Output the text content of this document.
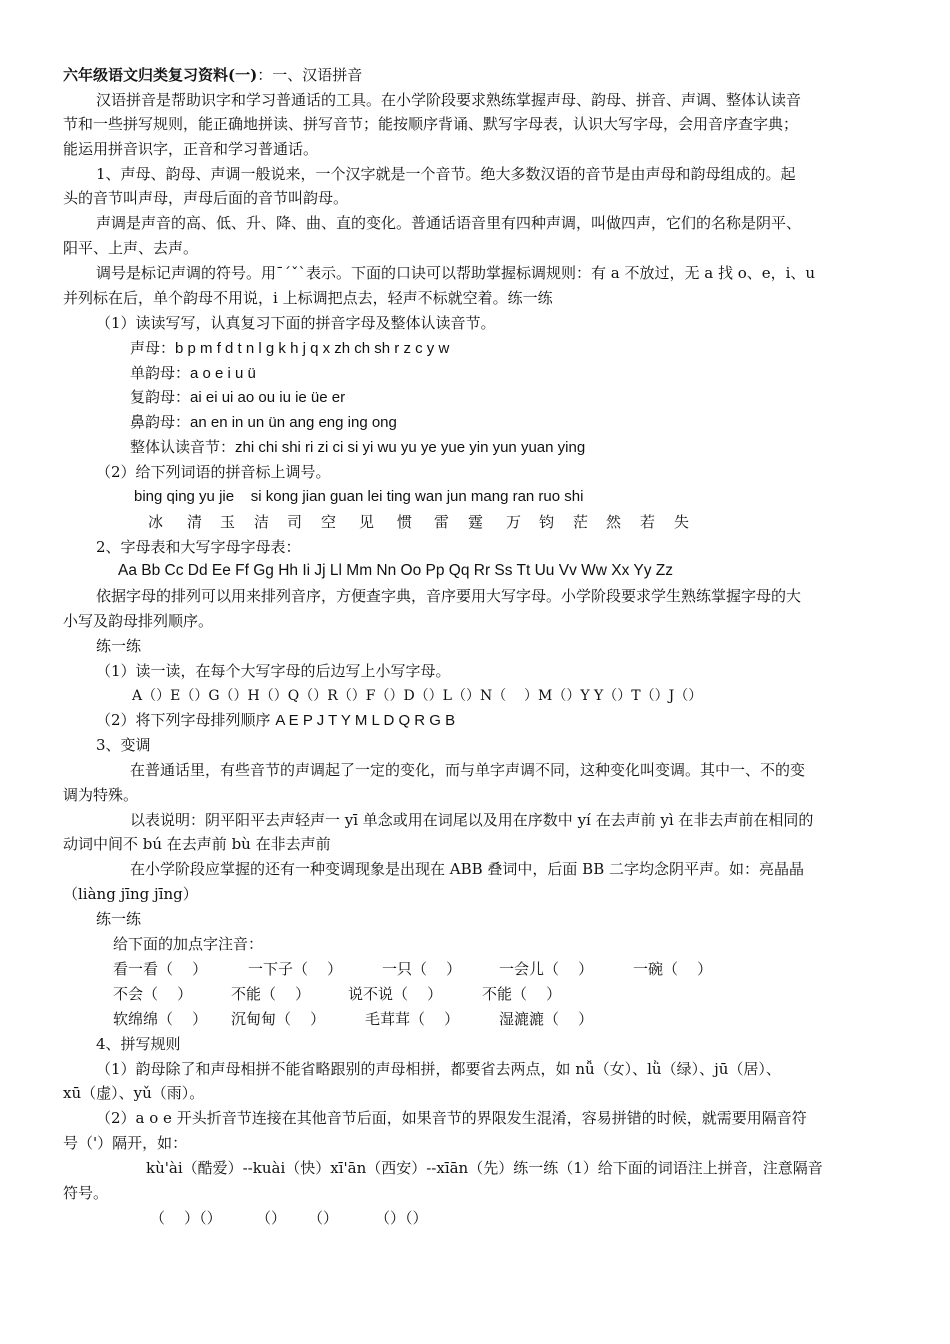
六年级语文归类复习资料(一)：一、汉语拼音
汉语拼音是帮助识字和学习普通话的工具。在小学阶段要求熟练掌握声母、韵母、拼音、声调、整体认读音
节和一些拼写规则，能正确地拼读、拼写音节；能按顺序背诵、默写字母表，认识大写字母，会用音序查字典；
能运用拼音识字，正音和学习普通话。
1、声母、韵母、声调一般说来，一个汉字就是一个音节。绝大多数汉语的音节是由声母和韵母组成的。起
头的音节叫声母，声母后面的音节叫韵母。
声调是声音的高、低、升、降、曲、直的变化。普通话语音里有四种声调，叫做四声，它们的名称是阴平、
阳平、上声、去声。
调号是标记声调的符号。用ˉˊˇˋ表示。下面的口诀可以帮助掌握标调规则：有 a 不放过，无 a 找 o、e，i、u
并列标在后，单个韵母不用说，i 上标调把点去，轻声不标就空着。练一练
（1）读读写写，认真复习下面的拼音字母及整体认读音节。
声母：b p m f d t n l g k h j q x zh ch sh r z c y w
单韵母：a o e i u ü
复韵母：ai ei ui ao ou iu ie üe er
鼻韵母：an en in un ün ang eng ing ong
整体认读音节：zhi chi shi ri zi ci si yi wu yu ye yue yin yun yuan ying
（2）给下列词语的拼音标上调号。
bing qing yu jie    si kong jian guan lei ting wan jun mang ran ruo shi
冰 清 玉 洁 司 空 见 惯 雷 霆 万 钧 茫 然 若 失
2、字母表和大写字母字母表：
Aa Bb Cc Dd Ee Ff Gg Hh Ii Jj Ll Mm Nn Oo Pp Qq Rr Ss Tt Uu Vv Ww Xx Yy Zz
依据字母的排列可以用来排列音序，方便查字典，音序要用大写字母。小学阶段要求学生熟练掌握字母的大
小写及韵母排列顺序。
练一练
（1）读一读，在每个大写字母的后边写上小写字母。
A（）E（）G（）H（）Q（）R（）F（）D（）L（）N（    ）M（）Y Y（）T（）J（）
（2）将下列字母排列顺序 A E P J T Y M L D Q R G B
3、变调
在普通话里，有些音节的声调起了一定的变化，而与单字声调不同，这种变化叫变调。其中一、不的变
调为特殊。
以表说明：阴平阳平去声轻声一 yī 单念或用在词尾以及用在序数中 yí 在去声前 yì 在非去声前在相同的
动词中间不 bú 在去声前 bù 在非去声前
在小学阶段应掌握的还有一种变调现象是出现在 ABB 叠词中，后面 BB 二字均念阴平声。如：亮晶晶
（liàng jīng jīng）
练一练
给下面的加点字注音：
看一看（    ）	一下子（    ）	一只（    ）	一会儿（    ）	一碗（    ）
不会（    ）	不能（    ）	说不说（    ）	不能（    ）
软绵绵（    ） 沉甸甸（    ）	毛茸茸（    ）	湿漉漉（    ）
4、拼写规则
（1）韵母除了和声母相拼不能省略跟别的声母相拼，都要省去两点，如 nǚ（女）、lǜ（绿）、jū（居）、
xū（虚）、yǔ（雨）。
（2）a o e 开头折音节连接在其他音节后面，如果音节的界限发生混淆，容易拼错的时候，就需要用隔音符
号（'）隔开，如：
kù'ài（酷爱）--kuài（快）xī'ān（西安）--xīān（先）练一练（1）给下面的词语注上拼音，注意隔音
符号。
（    ）（） （） （） （）（）
